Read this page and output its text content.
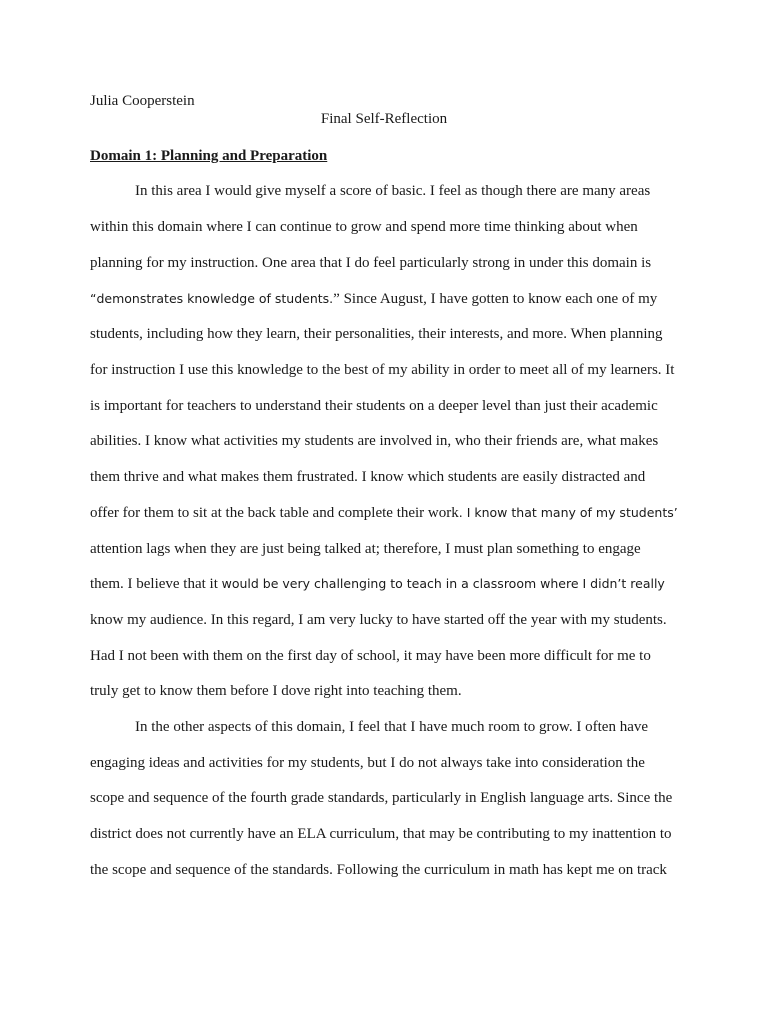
Julia Cooperstein
Final Self-Reflection
Domain 1: Planning and Preparation
In this area I would give myself a score of basic. I feel as though there are many areas
within this domain where I can continue to grow and spend more time thinking about when
planning for my instruction. One area that I do feel particularly strong in under this domain is
“demonstrates knowledge of students.” Since August, I have gotten to know each one of my
students, including how they learn, their personalities, their interests, and more. When planning
for instruction I use this knowledge to the best of my ability in order to meet all of my learners. It
is important for teachers to understand their students on a deeper level than just their academic
abilities. I know what activities my students are involved in, who their friends are, what makes
them thrive and what makes them frustrated. I know which students are easily distracted and
offer for them to sit at the back table and complete their work. I know that many of my students’
attention lags when they are just being talked at; therefore, I must plan something to engage
them. I believe that it would be very challenging to teach in a classroom where I didn’t really
know my audience. In this regard, I am very lucky to have started off the year with my students.
Had I not been with them on the first day of school, it may have been more difficult for me to
truly get to know them before I dove right into teaching them.
In the other aspects of this domain, I feel that I have much room to grow. I often have
engaging ideas and activities for my students, but I do not always take into consideration the
scope and sequence of the fourth grade standards, particularly in English language arts. Since the
district does not currently have an ELA curriculum, that may be contributing to my inattention to
the scope and sequence of the standards. Following the curriculum in math has kept me on track
